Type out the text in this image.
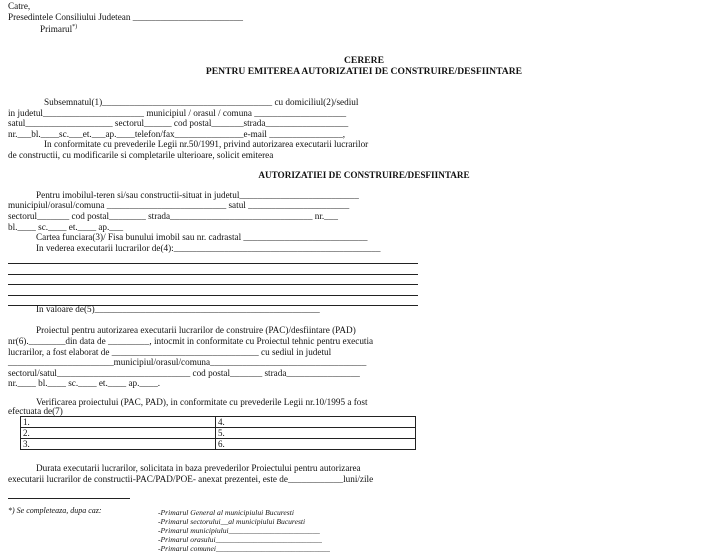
Catre,
Presedintele Consiliului Judetean ________________________
Primarul*)
CERERE
PENTRU EMITEREA AUTORIZATIEI DE CONSTRUIRE/DESFIINTARE
Subsemnatul(1)_____________________________________ cu domiciliul(2)/sediul
in judetul______________________ municipiul / orasul / comuna ____________________
satul___________________ sectorul______ cod postal_______strada__________________
nr.___bl.____sc.___et.___ap.____telefon/fax_______________e-mail ________________,
In conformitate cu prevederile Legii nr.50/1991, privind autorizarea executarii lucrarilor
de constructii, cu modificarile si completarile ulterioare, solicit emiterea
AUTORIZATIEI DE CONSTRUIRE/DESFIINTARE
Pentru imobilul-teren si/sau constructii-situat in judetul__________________________
municipiul/orasul/comuna __________________________ satul ______________________
sectorul_______ cod postal________ strada_______________________________ nr.___
bl.____ sc.____ et.____ ap.___
Cartea funciara(3)/ Fisa bunului imobil sau nr. cadrastal ___________________________
In vederea executarii lucrarilor de(4):_____________________________________________
In valoare de(5)_________________________________________________
Proiectul pentru autorizarea executarii lucrarilor de construire (PAC)/desfiintare (PAD)
nr(6).________din data de _________, intocmit in conformitate cu Proiectul tehnic pentru executia
lucrarilor, a fost elaborat de ________________________________ cu sediul in judetul
_______________________municipiul/orasul/comuna__________________________________
sectorul/satul_____________________________ cod postal_______ strada________________
nr.____ bl.____ sc.____ et.____ ap.____.
Verificarea proiectului (PAC, PAD), in conformitate cu prevederile Legii nr.10/1995 a fost
efectuata de(7)
1.	4.
2.	5.
3.	6.
Durata executarii lucrarilor, solicitata in baza prevederilor Proiectului pentru autorizarea
executarii lucrarilor de constructii-PAC/PAD/POE- anexat prezentei, este de____________luni/zile
*) Se completeaza, dupa caz:	-Primarul General al municipiului Bucuresti
-Primarul sectorului__al municipiului Bucuresti
-Primarul municipiului________________________
-Primarul orasului____________________________
-Primarul comunei______________________________
